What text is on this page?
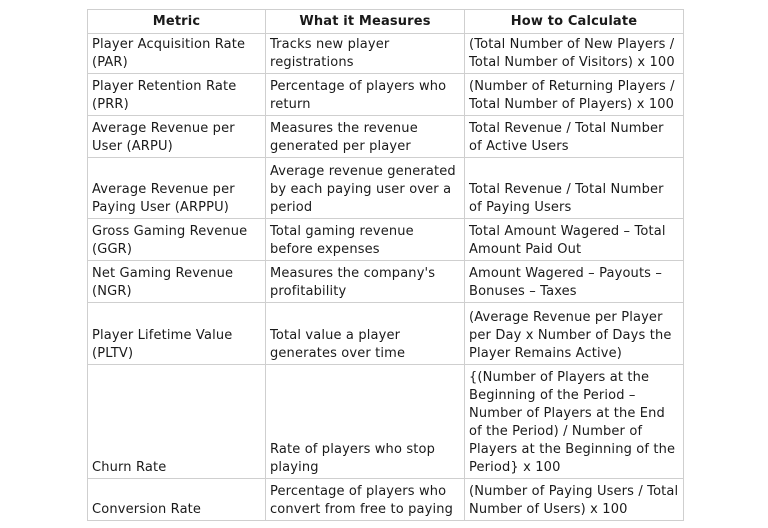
Metric	What it Measures	How to Calculate
Player Acquisition Rate (PAR)	Tracks new player registrations	(Total Number of New Players / Total Number of Visitors) x 100
Player Retention Rate (PRR)	Percentage of players who return	(Number of Returning Players / Total Number of Players) x 100
Average Revenue per User (ARPU)	Measures the revenue generated per player	Total Revenue / Total Number of Active Users
Average Revenue per Paying User (ARPPU)	Average revenue generated by each paying user over a period	Total Revenue / Total Number of Paying Users
Gross Gaming Revenue (GGR)	Total gaming revenue before expenses	Total Amount Wagered – Total Amount Paid Out
Net Gaming Revenue (NGR)	Measures the company's profitability	Amount Wagered – Payouts – Bonuses – Taxes
Player Lifetime Value (PLTV)	Total value a player generates over time	(Average Revenue per Player per Day x Number of Days the Player Remains Active)
Churn Rate	Rate of players who stop playing	{(Number of Players at the Beginning of the Period – Number of Players at the End of the Period) / Number of Players at the Beginning of the Period} x 100
Conversion Rate	Percentage of players who convert from free to paying	(Number of Paying Users / Total Number of Users) x 100
